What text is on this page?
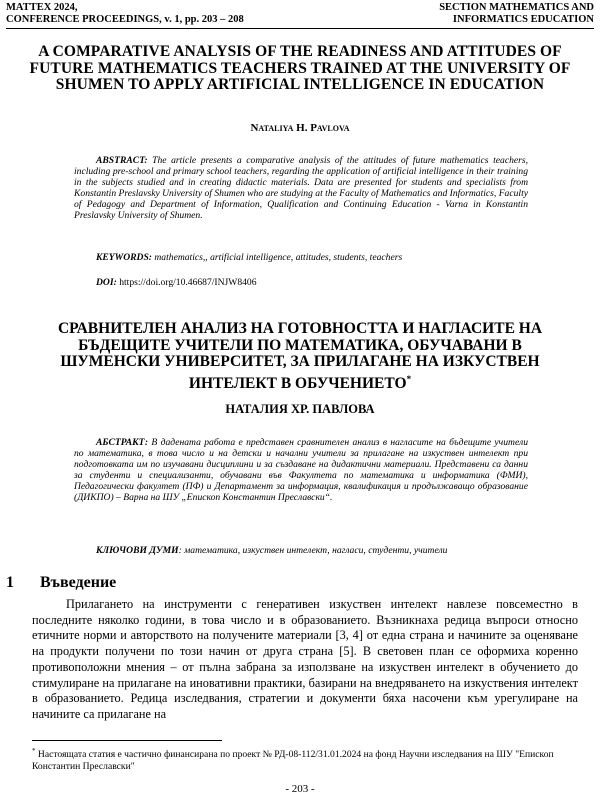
MATTEX 2024,
CONFERENCE PROCEEDINGS, v. 1, pp. 203 – 208
SECTION MATHEMATICS AND
INFORMATICS EDUCATION
A COMPARATIVE ANALYSIS OF THE READINESS AND ATTITUDES OF FUTURE MATHEMATICS TEACHERS TRAINED AT THE UNIVERSITY OF SHUMEN TO APPLY ARTIFICIAL INTELLIGENCE IN EDUCATION
Nataliya H. Pavlova
ABSTRACT: The article presents a comparative analysis of the attitudes of future mathematics teachers, including pre-school and primary school teachers, regarding the application of artificial intelligence in their training in the subjects studied and in creating didactic materials. Data are presented for students and specialists from Konstantin Preslavsky University of Shumen who are studying at the Faculty of Mathematics and Informatics, Faculty of Pedagogy and Department of Information, Qualification and Continuing Education - Varna in Konstantin Preslavsky University of Shumen.
KEYWORDS: mathematics,, artificial intelligence, attitudes, students, teachers
DOI: https://doi.org/10.46687/INJW8406
СРАВНИТЕЛЕН АНАЛИЗ НА ГОТОВНОСТТА И НАГЛАСИТЕ НА БЪДЕЩИТЕ УЧИТЕЛИ ПО МАТЕМАТИКА, ОБУЧАВАНИ В ШУМЕНСКИ УНИВЕРСИТЕТ, ЗА ПРИЛАГАНЕ НА ИЗКУСТВЕН ИНТЕЛЕКТ В ОБУЧЕНИЕТО*
НАТАЛИЯ ХР. ПАВЛОВА
АБСТРАКТ: В дадената работа е представен сравнителен анализ в нагласите на бъдещите учители по математика, в това число и на детски и начални учители за прилагане на изкуствен интелект при подготовката им по изучавани дисциплини и за създаване на дидактични материали. Представени са данни за студенти и специализанти, обучавани във Факултета по математика и информатика (ФМИ), Педагогически факултет (ПФ) и Департамент за информация, квалификация и продължаващо образование (ДИКПО) – Варна на ШУ „Епископ Константин Преславски“.
КЛЮЧОВИ ДУМИ: математика, изкуствен интелект, нагласи, студенти, учители
1 Въведение

Прилагането на инструменти с генеративен изкуствен интелект навлезе повсеместно в последните няколко години, в това число и в образованието. Възникнаха редица въпроси относно етичните норми и авторството на получените материали [3, 4] от една страна и начините за оценяване на продукти получени по този начин от друга страна [5]. В световен план се оформиха коренно противоположни мнения – от пълна забрана за използване на изкуствен интелект в обучението до стимулиране на прилагане на иновативни практики, базирани на внедряването на изкуствения интелект в образованието. Редица изследвания, стратегии и документи бяха насочени към урегулиране на начините са прилагане на

* Настоящата статия е частично финансирана по проект № РД-08-112/31.01.2024 на фонд Научни изследвания на ШУ "Епископ Константин Преславски"
- 203 -
